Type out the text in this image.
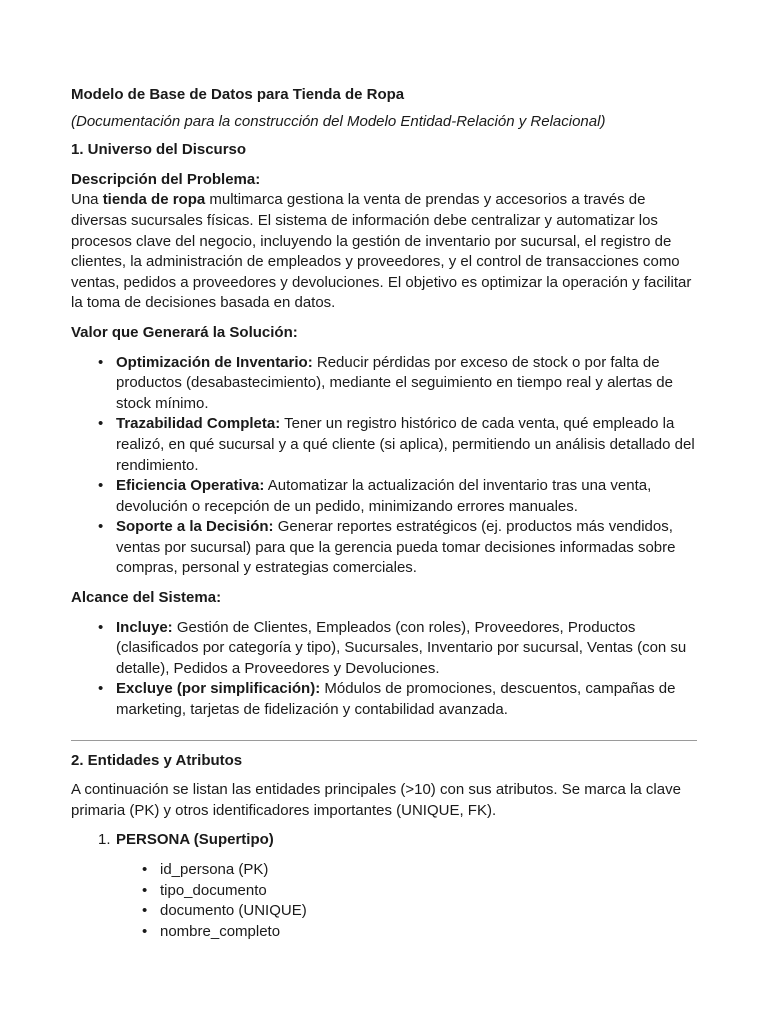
Modelo de Base de Datos para Tienda de Ropa

(Documentación para la construcción del Modelo Entidad-Relación y Relacional)

1. Universo del Discurso

Descripción del Problema:

Una tienda de ropa multimarca gestiona la venta de prendas y accesorios a través de diversas sucursales físicas. El sistema de información debe centralizar y automatizar los procesos clave del negocio, incluyendo la gestión de inventario por sucursal, el registro de clientes, la administración de empleados y proveedores, y el control de transacciones como ventas, pedidos a proveedores y devoluciones. El objetivo es optimizar la operación y facilitar la toma de decisiones basada en datos.

Valor que Generará la Solución:

• Optimización de Inventario: Reducir pérdidas por exceso de stock o por falta de productos (desabastecimiento), mediante el seguimiento en tiempo real y alertas de stock mínimo.
• Trazabilidad Completa: Tener un registro histórico de cada venta, qué empleado la realizó, en qué sucursal y a qué cliente (si aplica), permitiendo un análisis detallado del rendimiento.
• Eficiencia Operativa: Automatizar la actualización del inventario tras una venta, devolución o recepción de un pedido, minimizando errores manuales.
• Soporte a la Decisión: Generar reportes estratégicos (ej. productos más vendidos, ventas por sucursal) para que la gerencia pueda tomar decisiones informadas sobre compras, personal y estrategias comerciales.

Alcance del Sistema:

• Incluye: Gestión de Clientes, Empleados (con roles), Proveedores, Productos (clasificados por categoría y tipo), Sucursales, Inventario por sucursal, Ventas (con su detalle), Pedidos a Proveedores y Devoluciones.
• Excluye (por simplificación): Módulos de promociones, descuentos, campañas de marketing, tarjetas de fidelización y contabilidad avanzada.

2. Entidades y Atributos

A continuación se listan las entidades principales (>10) con sus atributos. Se marca la clave primaria (PK) y otros identificadores importantes (UNIQUE, FK).

1. PERSONA (Supertipo)

• id_persona (PK)
• tipo_documento
• documento (UNIQUE)
• nombre_completo
